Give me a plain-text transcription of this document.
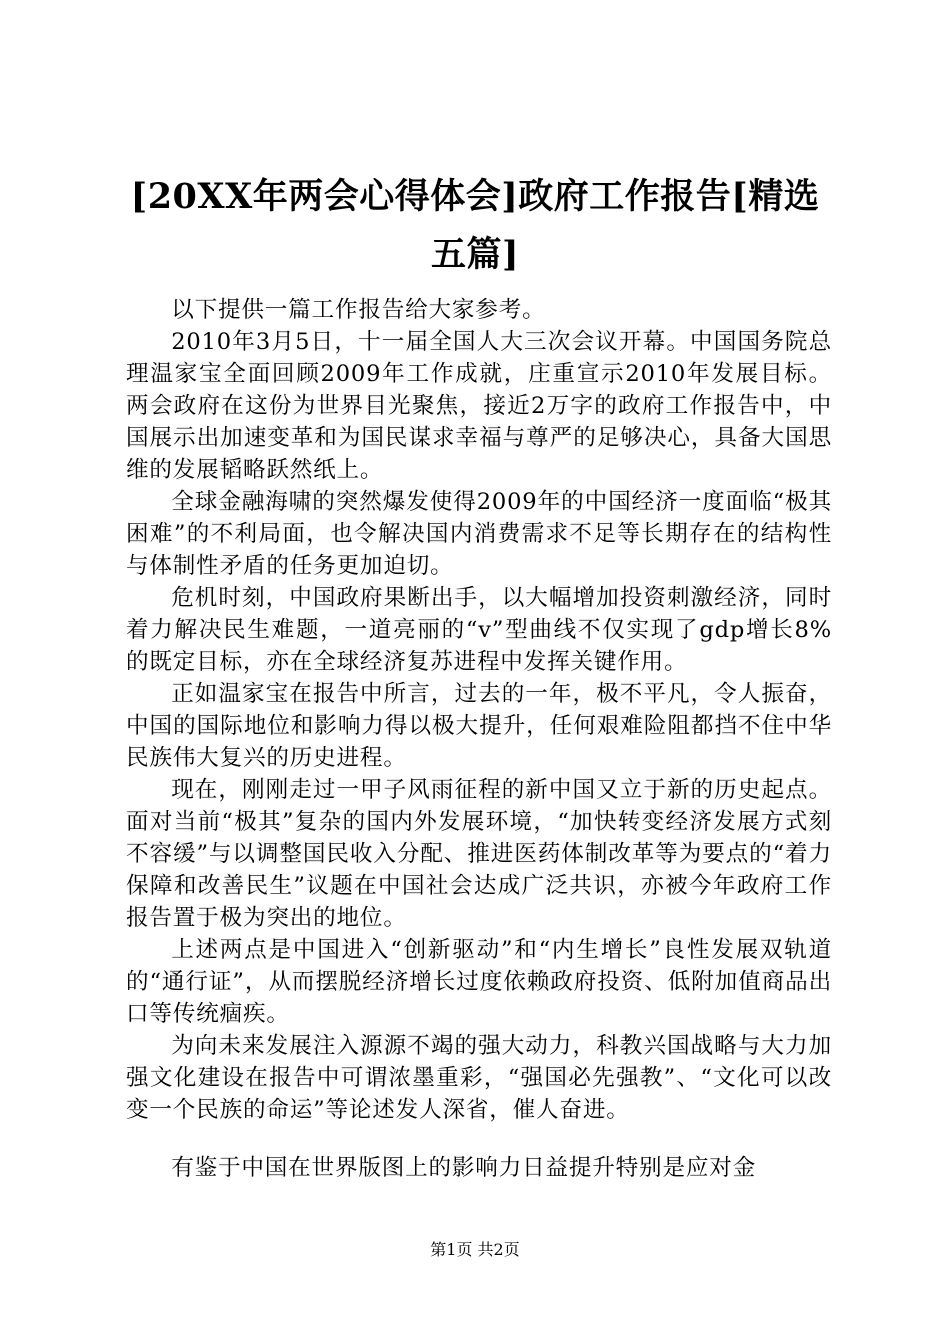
[20XX年两会心得体会]政府工作报告[精选五篇]

以下提供一篇工作报告给大家参考。

2010年3月5日，十一届全国人大三次会议开幕。中国国务院总理温家宝全面回顾2009年工作成就，庄重宣示2010年发展目标。两会政府在这份为世界目光聚焦，接近2万字的政府工作报告中，中国展示出加速变革和为国民谋求幸福与尊严的足够决心，具备大国思维的发展韬略跃然纸上。

全球金融海啸的突然爆发使得2009年的中国经济一度面临“极其困难”的不利局面，也令解决国内消费需求不足等长期存在的结构性与体制性矛盾的任务更加迫切。

危机时刻，中国政府果断出手，以大幅增加投资刺激经济，同时着力解决民生难题，一道亮丽的“v”型曲线不仅实现了gdp增长8%的既定目标，亦在全球经济复苏进程中发挥关键作用。

正如温家宝在报告中所言，过去的一年，极不平凡，令人振奋，中国的国际地位和影响力得以极大提升，任何艰难险阻都挡不住中华民族伟大复兴的历史进程。

现在，刚刚走过一甲子风雨征程的新中国又立于新的历史起点。面对当前“极其”复杂的国内外发展环境，“加快转变经济发展方式刻不容缓”与以调整国民收入分配、推进医药体制改革等为要点的“着力保障和改善民生”议题在中国社会达成广泛共识，亦被今年政府工作报告置于极为突出的地位。

上述两点是中国进入“创新驱动”和“内生增长”良性发展双轨道的“通行证”，从而摆脱经济增长过度依赖政府投资、低附加值商品出口等传统痼疾。

为向未来发展注入源源不竭的强大动力，科教兴国战略与大力加强文化建设在报告中可谓浓墨重彩，“强国必先强教”、“文化可以改变一个民族的命运”等论述发人深省，催人奋进。

有鉴于中国在世界版图上的影响力日益提升特别是应对金

第1页 共2页
